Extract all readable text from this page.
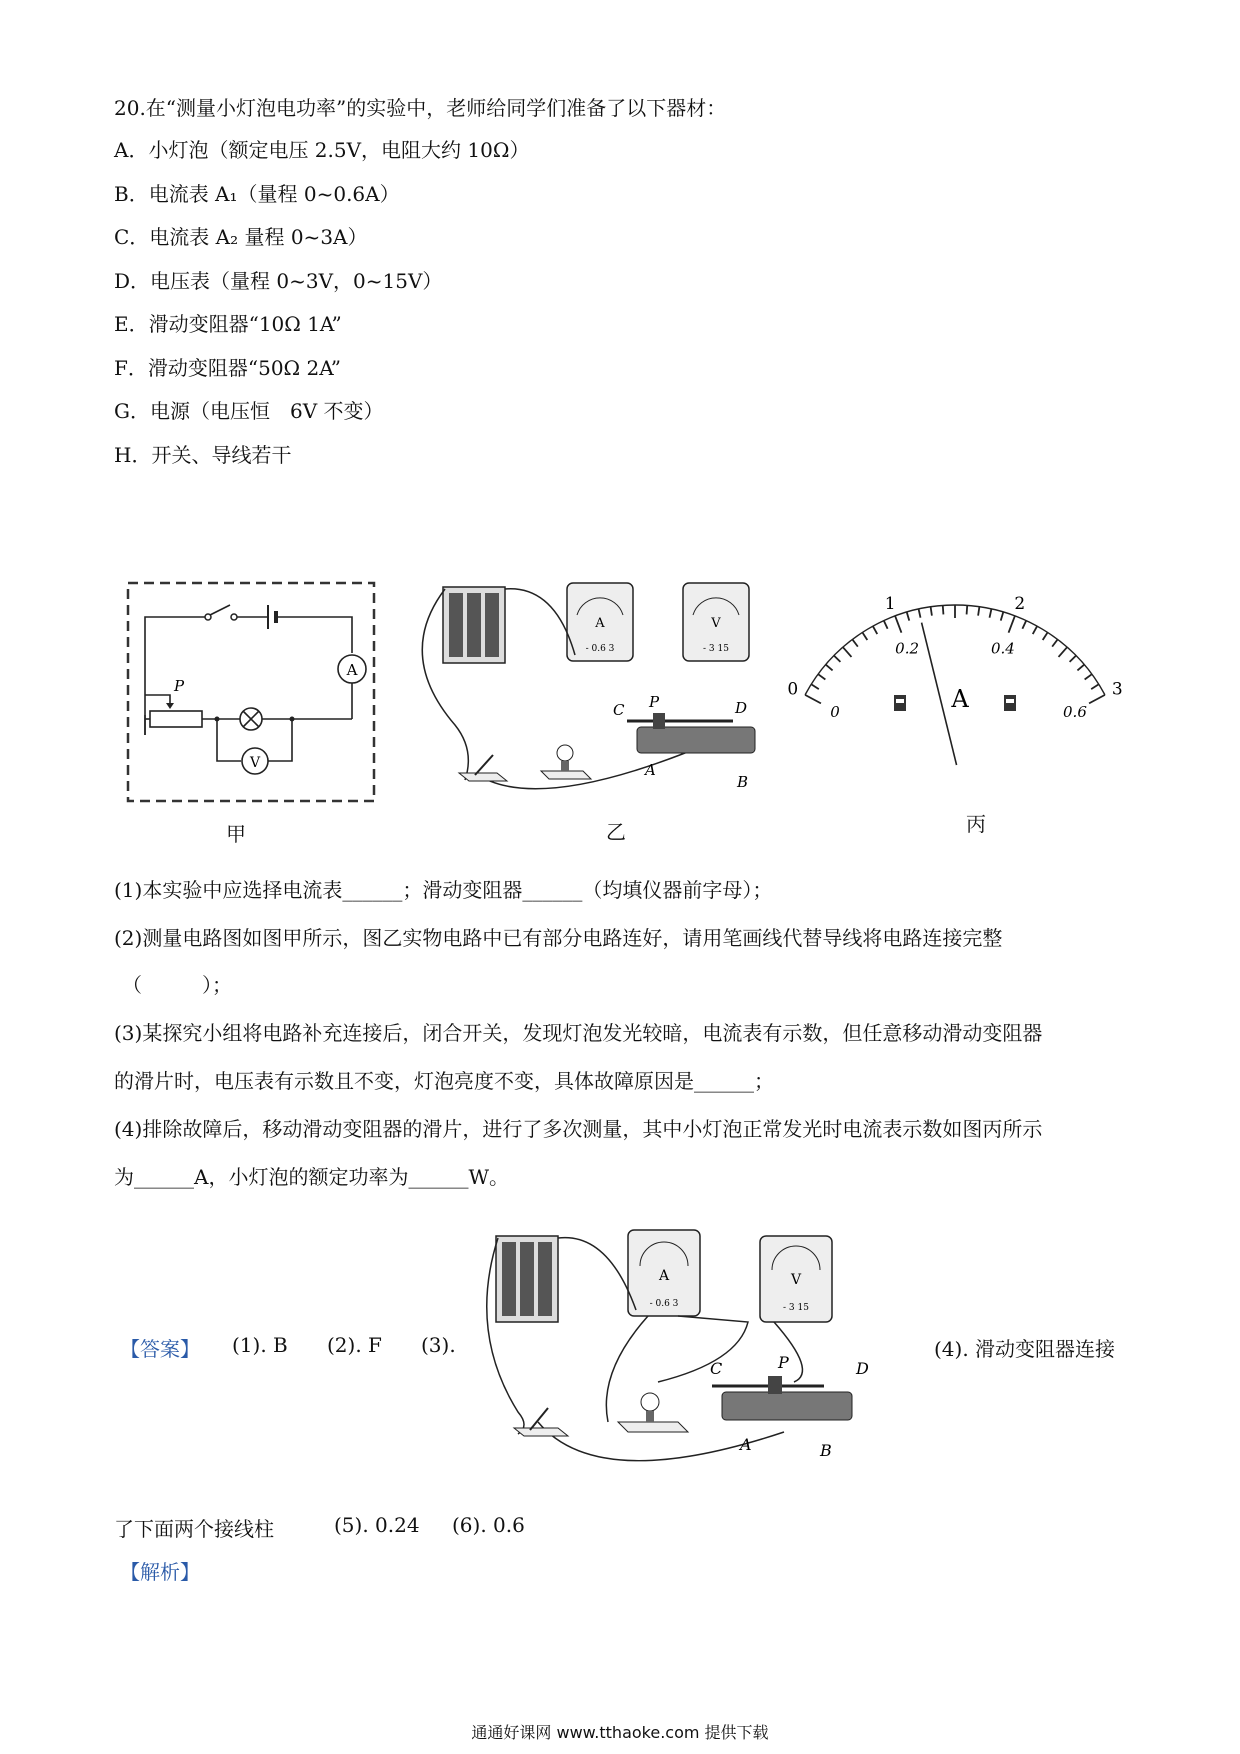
20.在“测量小灯泡电功率”的实验中，老师给同学们准备了以下器材：
A．小灯泡（额定电压 2.5V，电阻大约 10Ω）
B．电流表 A₁（量程 0~0.6A）
C．电流表 A₂ 量程 0~3A）
D．电压表（量程 0~3V，0~15V）
E．滑动变阻器“10Ω 1A”
F．滑动变阻器“50Ω 2A”
G．电源（电压恒　6V 不变）
H．开关、导线若干
A
P
V
甲
A
- 0.6 3
V
- 3 15
C P	D
A
B
乙
A
0
1	2
3
0
0.2	0.4
0.6
丙
(1)本实验中应选择电流表______；滑动变阻器______（均填仪器前字母）；
(2)测量电路图如图甲所示，图乙实物电路中已有部分电路连好，请用笔画线代替导线将电路连接完整
（　　　）；
(3)某探究小组将电路补充连接后，闭合开关，发现灯泡发光较暗，电流表有示数，但任意移动滑动变阻器
的滑片时，电压表有示数且不变，灯泡亮度不变，具体故障原因是______；
(4)排除故障后，移动滑动变阻器的滑片，进行了多次测量，其中小灯泡正常发光时电流表示数如图丙所示
为______A，小灯泡的额定功率为______W。
【答案】 (1). B (2). F (3).	(4). 滑动变阻器连接
A
- 0.6 3
V
- 3 15
C	P	D
A	B
了下面两个接线柱	(5). 0.24 (6). 0.6
【解析】
通通好课网 www.tthaoke.com 提供下载
